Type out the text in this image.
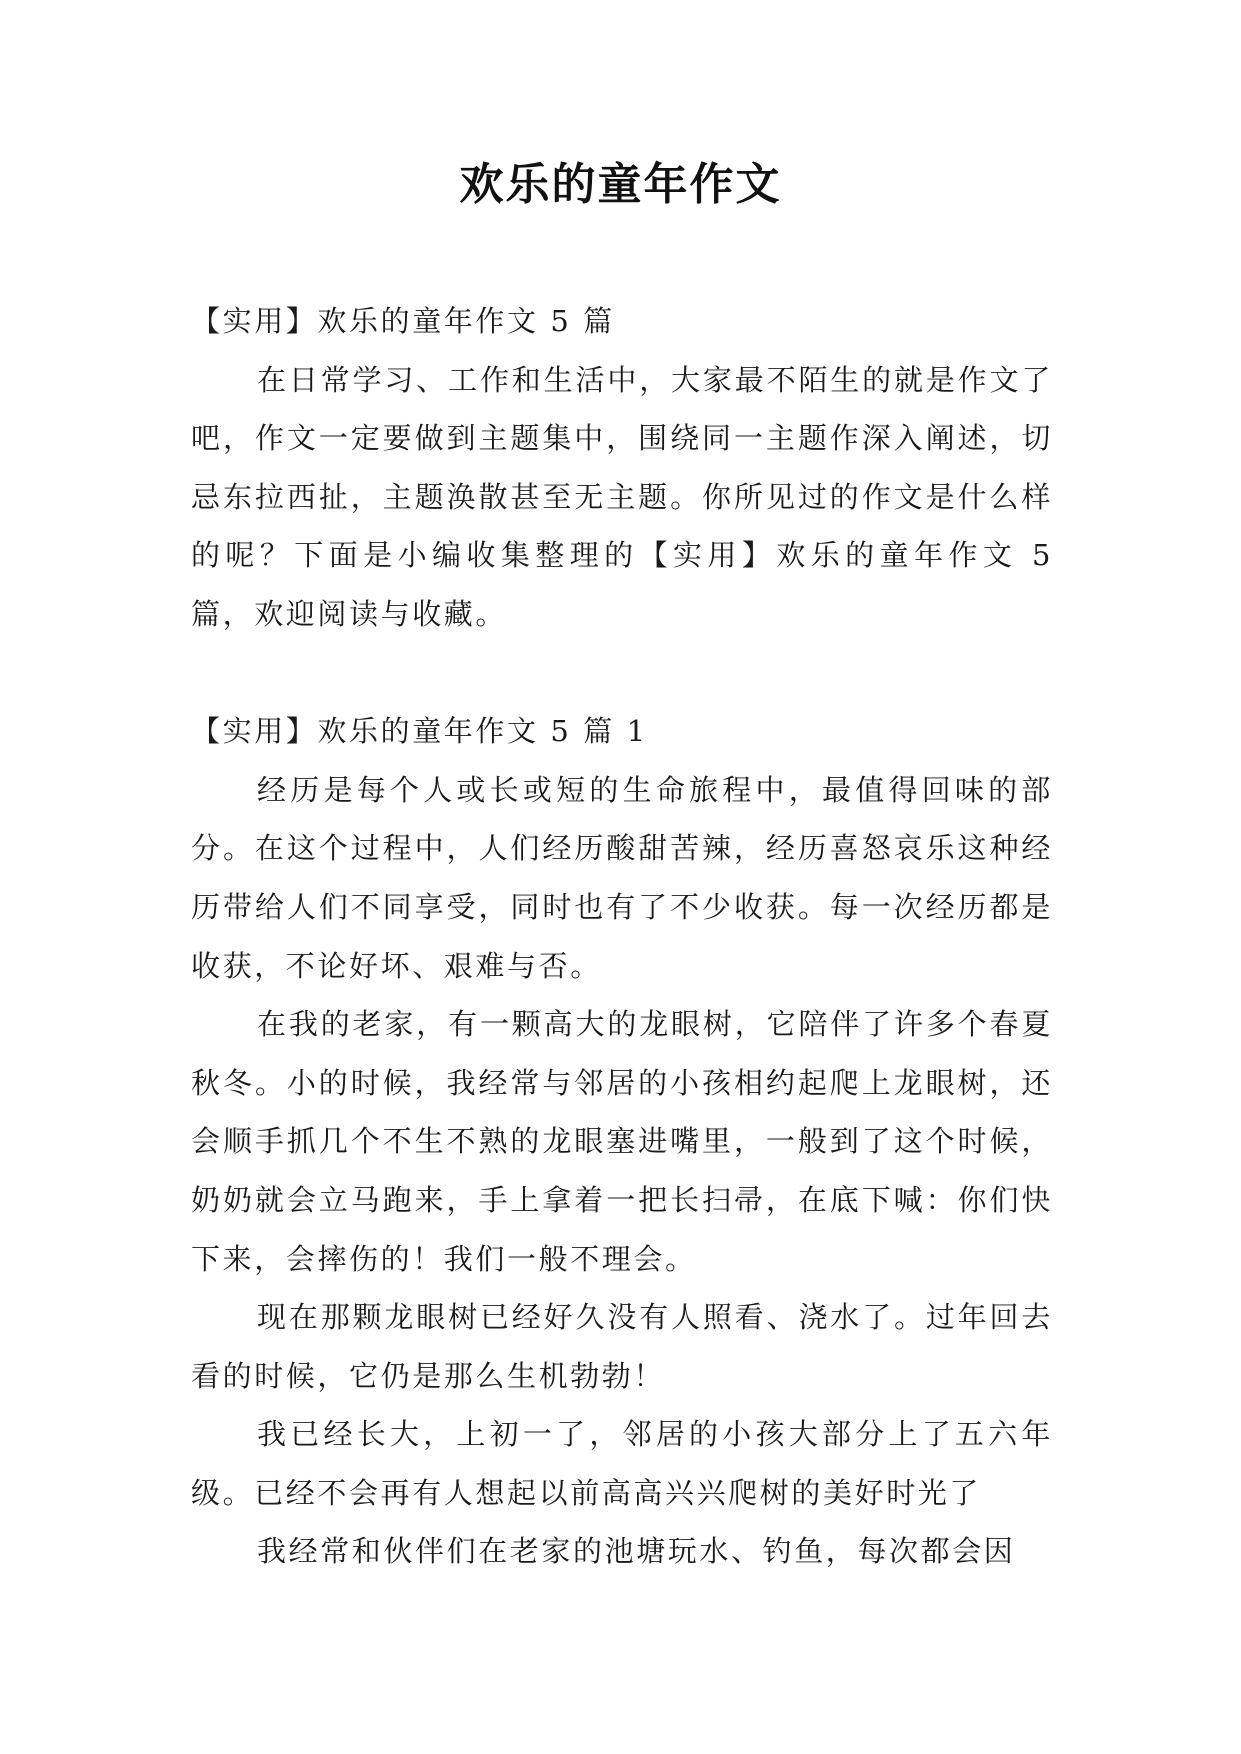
欢乐的童年作文

【实用】欢乐的童年作文 5 篇

在日常学习、工作和生活中，大家最不陌生的就是作文了吧，作文一定要做到主题集中，围绕同一主题作深入阐述，切忌东拉西扯，主题涣散甚至无主题。你所见过的作文是什么样的呢？下面是小编收集整理的【实用】欢乐的童年作文 5 篇，欢迎阅读与收藏。

【实用】欢乐的童年作文 5 篇 1

经历是每个人或长或短的生命旅程中，最值得回味的部分。在这个过程中，人们经历酸甜苦辣，经历喜怒哀乐这种经历带给人们不同享受，同时也有了不少收获。每一次经历都是收获，不论好坏、艰难与否。

在我的老家，有一颗高大的龙眼树，它陪伴了许多个春夏秋冬。小的时候，我经常与邻居的小孩相约起爬上龙眼树，还会顺手抓几个不生不熟的龙眼塞进嘴里，一般到了这个时候，奶奶就会立马跑来，手上拿着一把长扫帚，在底下喊：你们快下来，会摔伤的！我们一般不理会。

现在那颗龙眼树已经好久没有人照看、浇水了。过年回去看的时候，它仍是那么生机勃勃！

我已经长大，上初一了，邻居的小孩大部分上了五六年级。已经不会再有人想起以前高高兴兴爬树的美好时光了

我经常和伙伴们在老家的池塘玩水、钓鱼，每次都会因
